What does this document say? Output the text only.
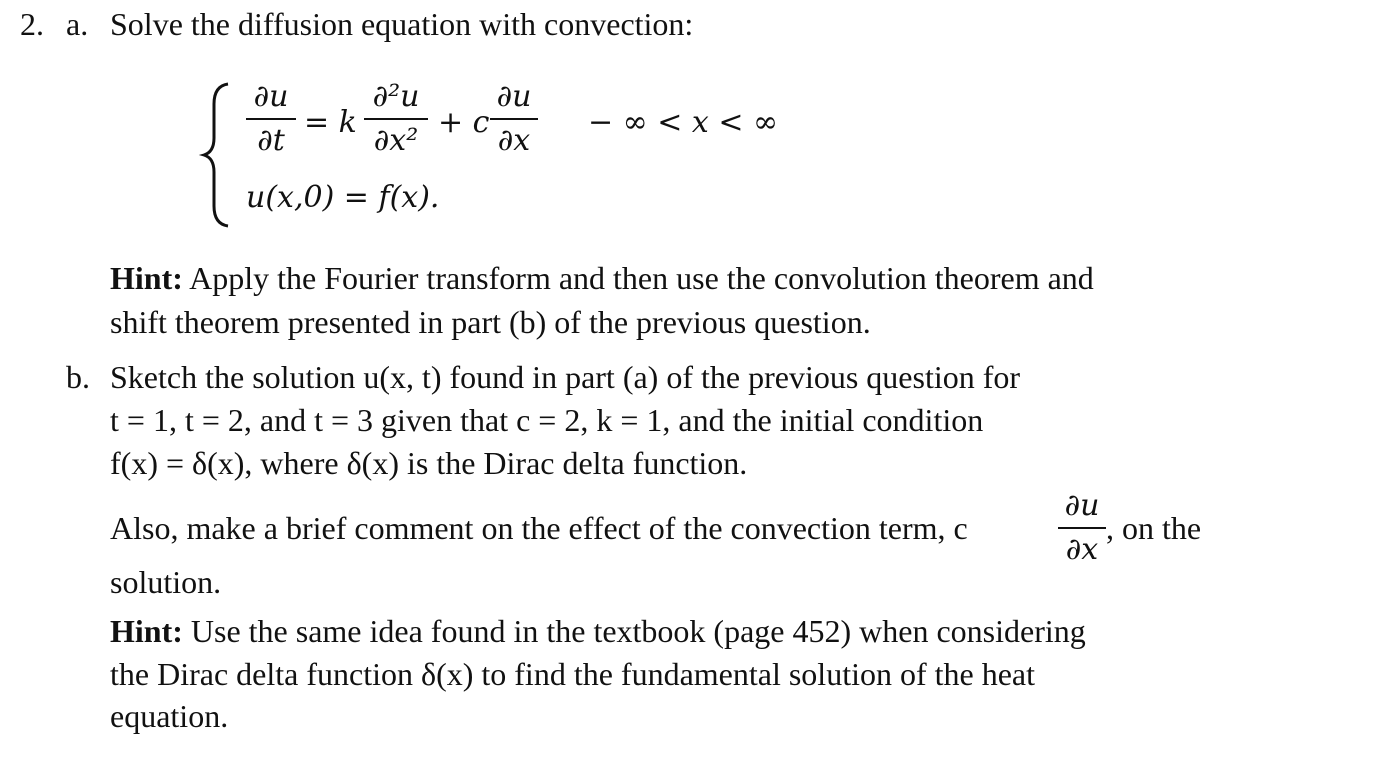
2. a. Solve the diffusion equation with convection:
∂u
∂t
= k
∂²u
∂x²
+ c
∂u
∂x
− ∞ < x < ∞
u(x,0) = f(x).
Hint: Apply the Fourier transform and then use the convolution theorem and
shift theorem presented in part (b) of the previous question.
b. Sketch the solution u(x, t) found in part (a) of the previous question for
t = 1, t = 2, and t = 3 given that c = 2, k = 1, and the initial condition
f(x) = δ(x), where δ(x) is the Dirac delta function.
Also, make a brief comment on the effect of the convection term, c
∂u
∂x
, on the
solution.
Hint: Use the same idea found in the textbook (page 452) when considering
the Dirac delta function δ(x) to find the fundamental solution of the heat
equation.
